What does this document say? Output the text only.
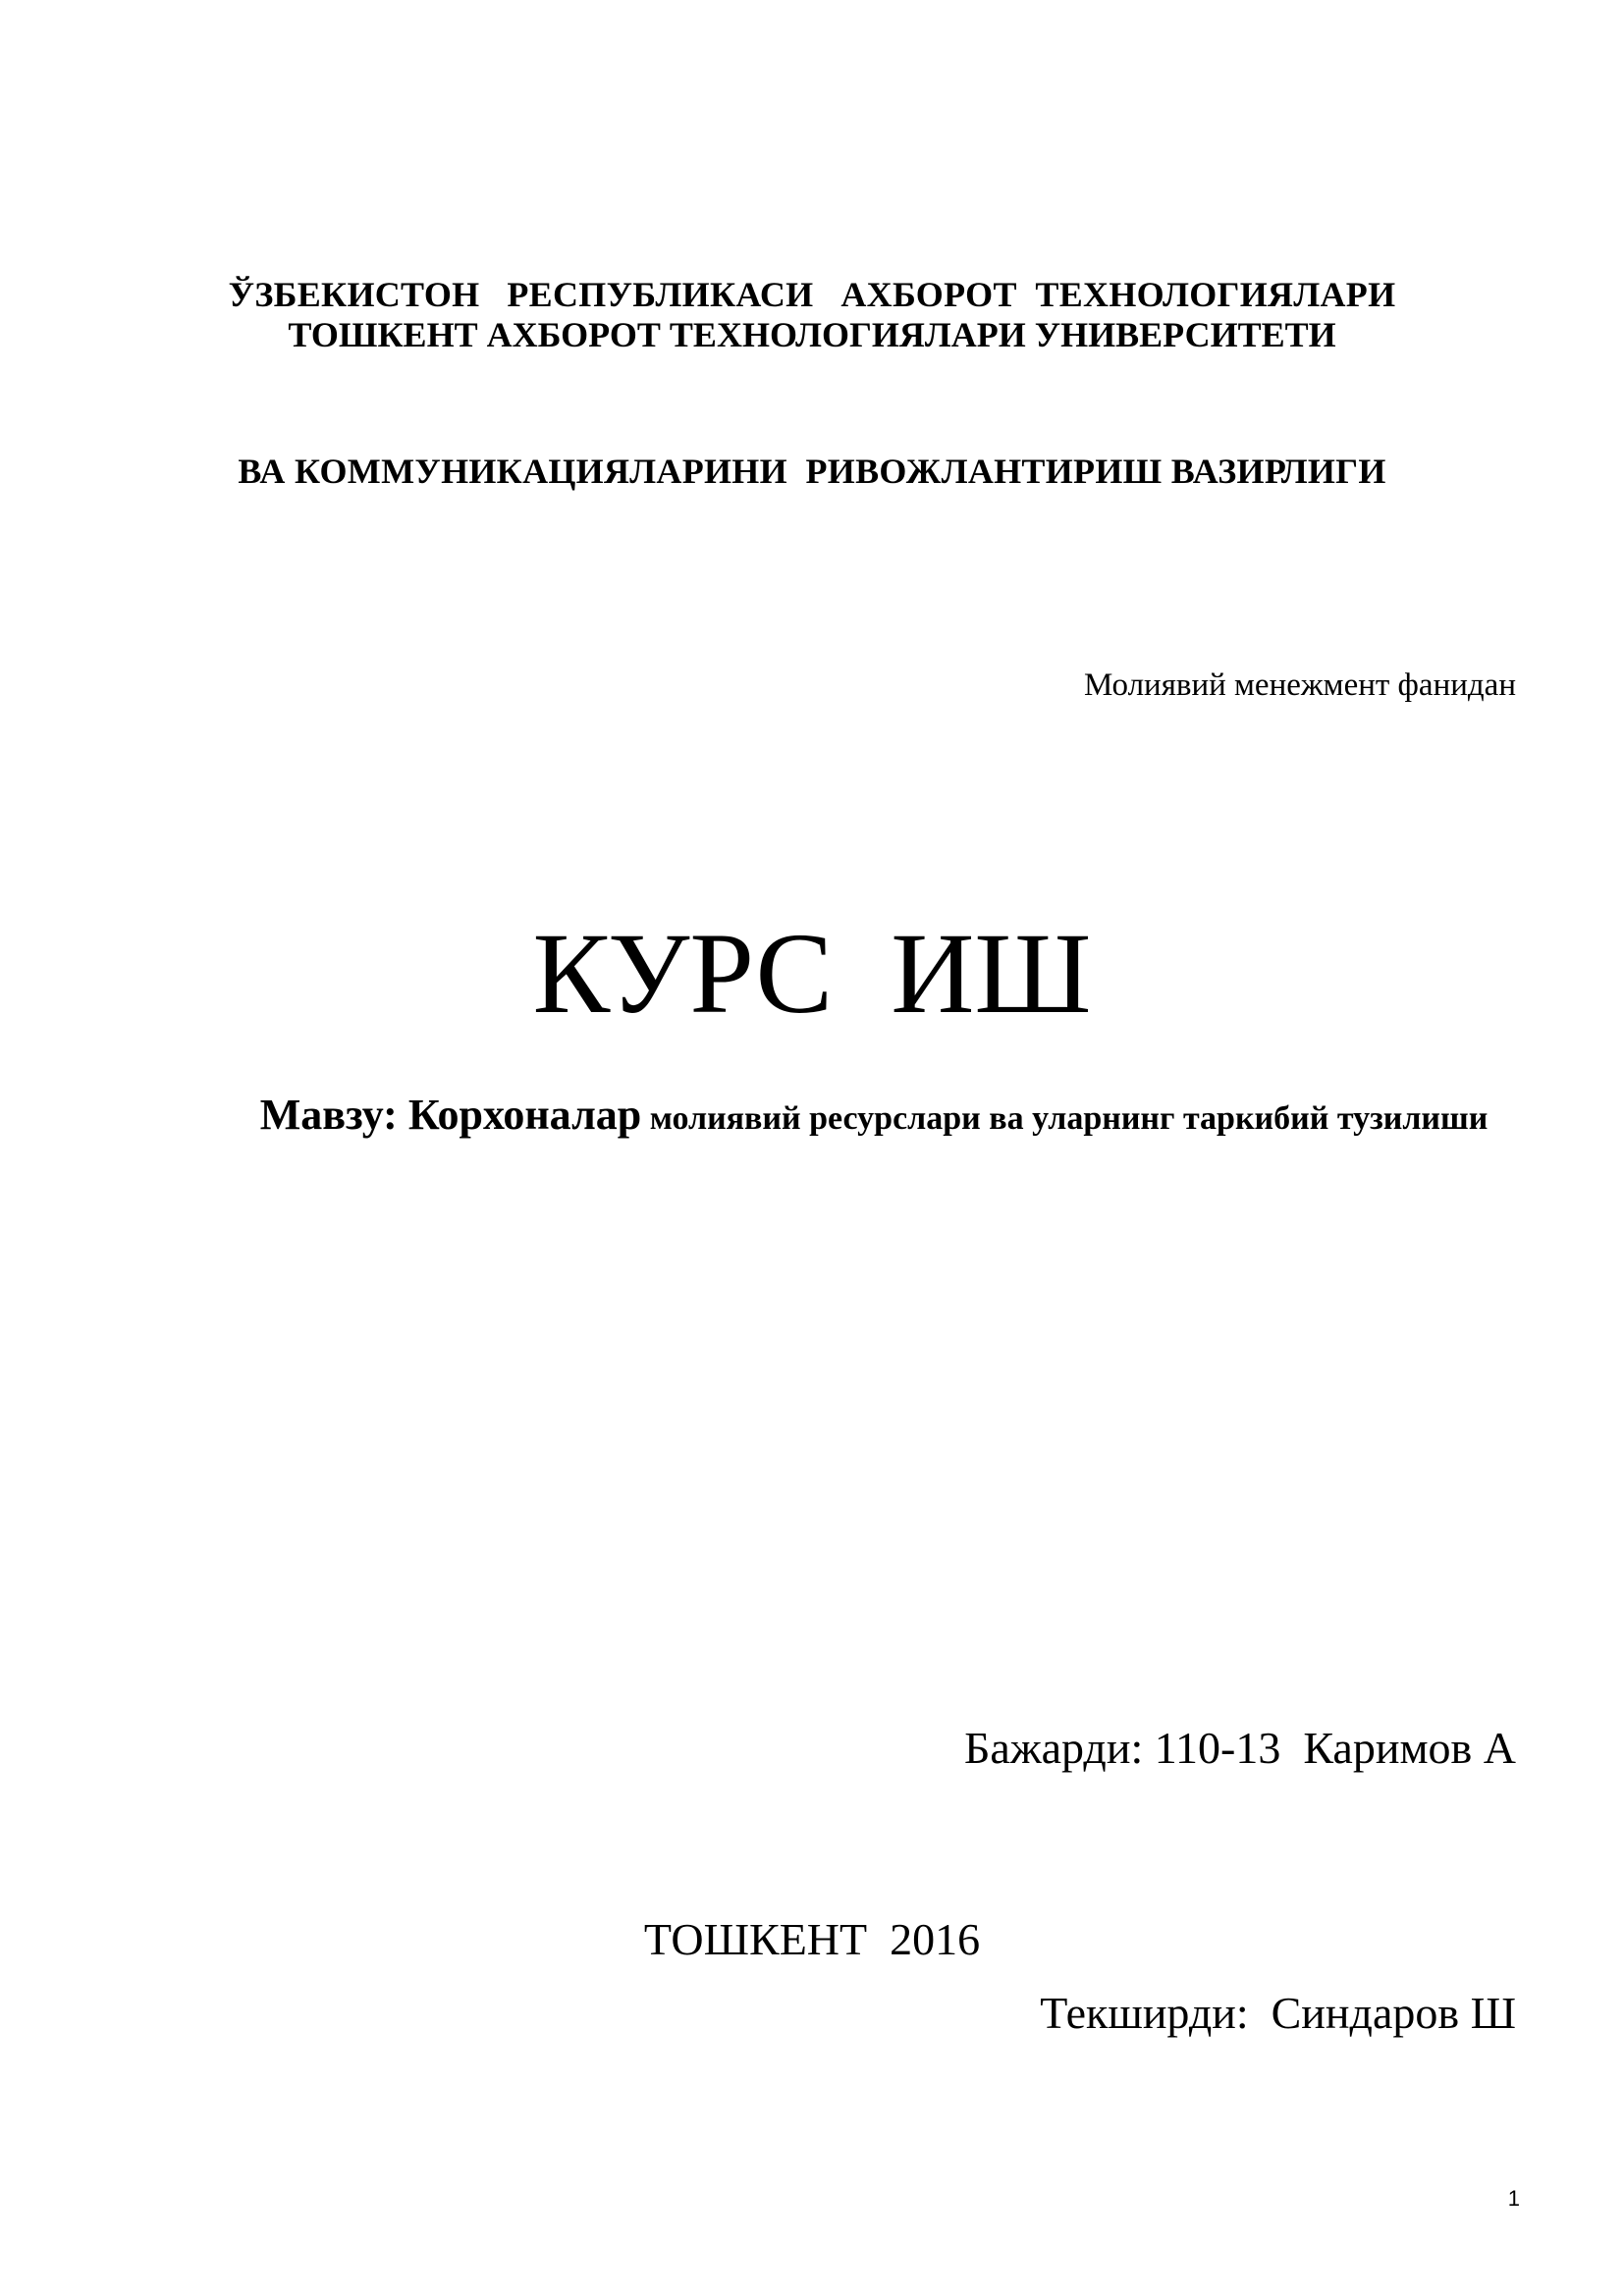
ЎЗБЕКИСТОН   РЕСПУБЛИКАСИ   АХБОРОТ  ТЕХНОЛОГИЯЛАРИ

ВА КОММУНИКАЦИЯЛАРИНИ  РИВОЖЛАНТИРИШ ВАЗИРЛИГИ

ТОШКЕНТ АХБОРОТ ТЕХНОЛОГИЯЛАРИ УНИВЕРСИТЕТИ
Молиявий менежмент фанидан
КУРС  ИШ
Мавзу: Корхоналар молиявий ресурслари ва уларнинг таркибий тузилиши

Бажарди: 110-13  Каримов А

Текширди:  Синдаров Ш

ТОШКЕНТ  2016
1
